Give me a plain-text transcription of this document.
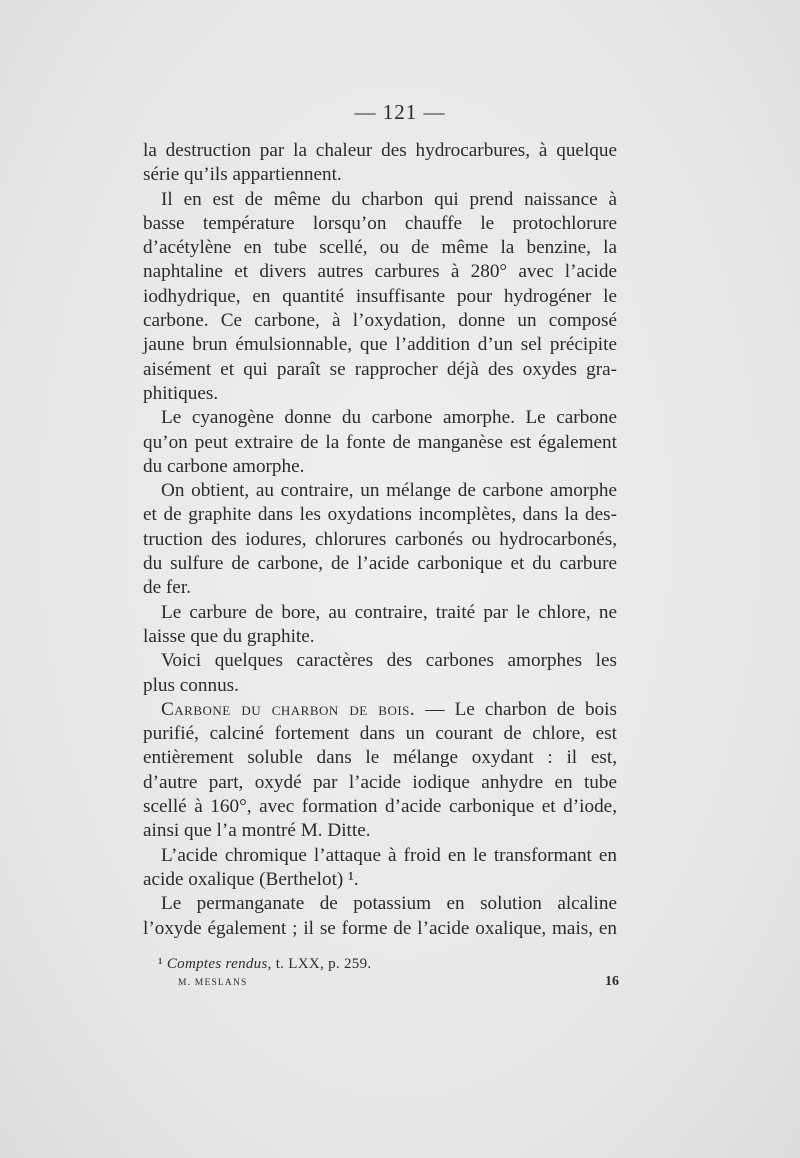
— 121 —
la destruction par la chaleur des hydrocarbures, à quelque
série qu’ils appartiennent.
Il en est de même du charbon qui prend naissance à
basse température lorsqu’on chauffe le protochlorure
d’acétylène en tube scellé, ou de même la benzine, la
naphtaline et divers autres carbures à 280° avec l’acide
iodhydrique, en quantité insuffisante pour hydrogéner le
carbone. Ce carbone, à l’oxydation, donne un composé
jaune brun émulsionnable, que l’addition d’un sel précipite
aisément et qui paraît se rapprocher déjà des oxydes gra-
phitiques.
Le cyanogène donne du carbone amorphe. Le carbone
qu’on peut extraire de la fonte de manganèse est également
du carbone amorphe.
On obtient, au contraire, un mélange de carbone amorphe
et de graphite dans les oxydations incomplètes, dans la des-
truction des iodures, chlorures carbonés ou hydrocarbonés,
du sulfure de carbone, de l’acide carbonique et du carbure
de fer.
Le carbure de bore, au contraire, traité par le chlore, ne
laisse que du graphite.
Voici quelques caractères des carbones amorphes les
plus connus.
Carbone du charbon de bois. — Le charbon de bois
purifié, calciné fortement dans un courant de chlore, est
entièrement soluble dans le mélange oxydant : il est,
d’autre part, oxydé par l’acide iodique anhydre en tube
scellé à 160°, avec formation d’acide carbonique et d’iode,
ainsi que l’a montré M. Ditte.
L’acide chromique l’attaque à froid en le transformant en
acide oxalique (Berthelot) ¹.
Le permanganate de potassium en solution alcaline
l’oxyde également ; il se forme de l’acide oxalique, mais, en
¹ Comptes rendus, t. LXX, p. 259.
M. MESLANS	16
